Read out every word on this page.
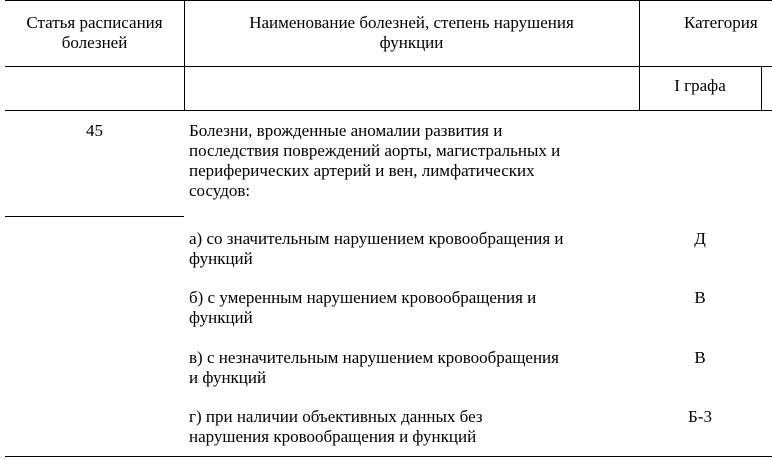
Статья расписания
болезней
Наименование болезней, степень нарушения
функции
Категория
I графа
45	Болезни, врожденные аномалии развития и
последствия повреждений аорты, магистральных и
периферических артерий и вен, лимфатических
сосудов:
а) со значительным нарушением кровообращения и
функций
Д
б) с умеренным нарушением кровообращения и
функций
В
в) с незначительным нарушением кровообращения
и функций
В
г) при наличии объективных данных без
нарушения кровообращения и функций
Б-3
